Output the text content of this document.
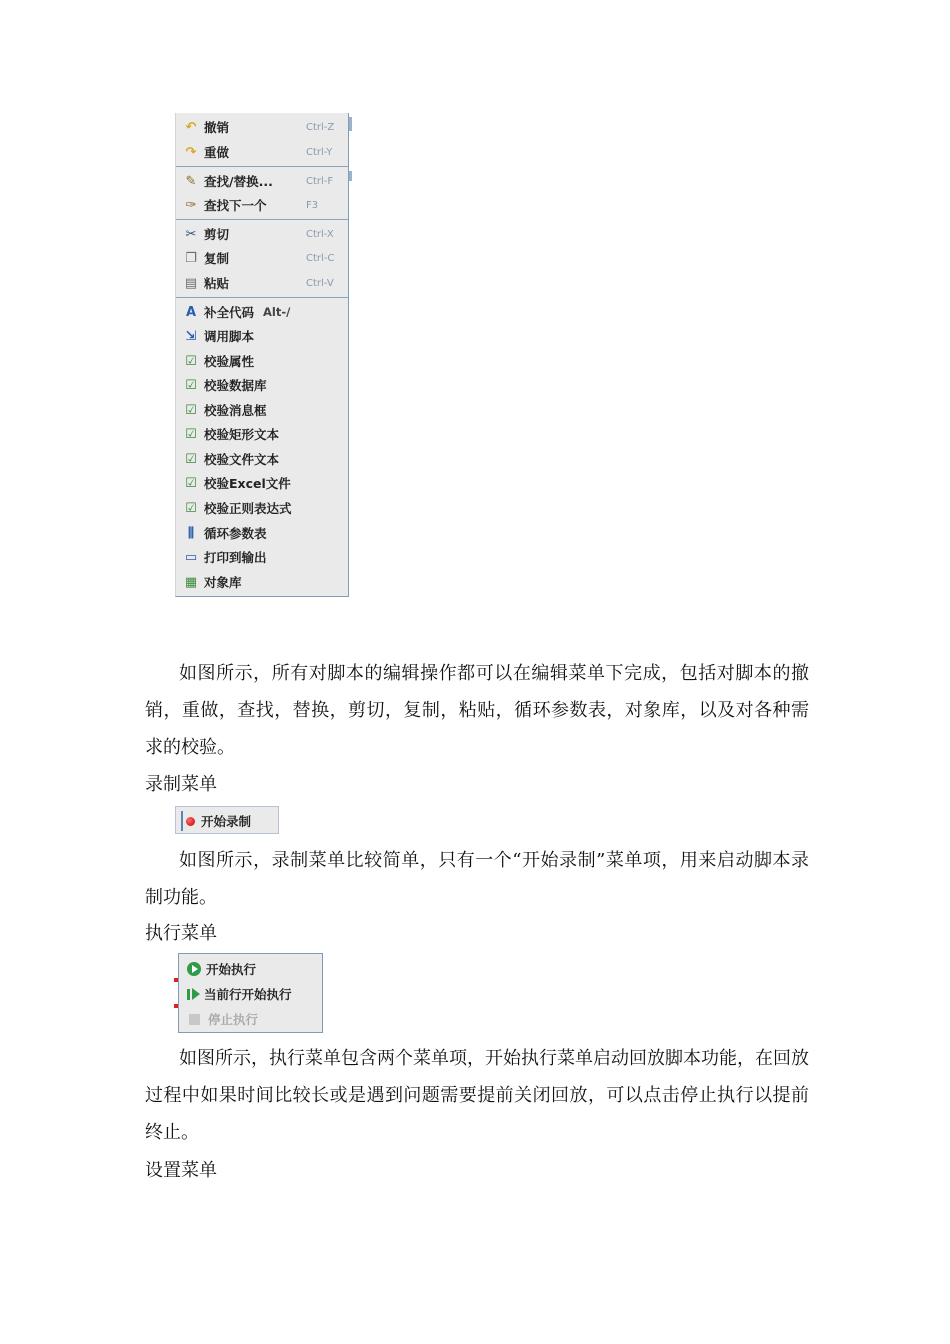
↶ 撤销	Ctrl-Z
↷ 重做	Ctrl-Y
✎ 查找/替换...	Ctrl-F
✑ 查找下一个	F3
✂ 剪切	Ctrl-X
❐ 复制	Ctrl-C
▤ 粘贴	Ctrl-V
A 补全代码 Alt-/
⇲ 调用脚本
☑ 校验属性
☑ 校验数据库
☑ 校验消息框
☑ 校验矩形文本
☑ 校验文件文本
☑ 校验Excel文件
☑ 校验正则表达式
⫼ 循环参数表
▭ 打印到输出
▦ 对象库

如图所示，所有对脚本的编辑操作都可以在编辑菜单下完成，包括对脚本的撤销，重做，查找，替换，剪切，复制，粘贴，循环参数表，对象库，以及对各种需求的校验。

录制菜单

开始录制

如图所示，录制菜单比较简单，只有一个“开始录制”菜单项，用来启动脚本录制功能。

执行菜单

开始执行
当前行开始执行
停止执行

如图所示，执行菜单包含两个菜单项，开始执行菜单启动回放脚本功能，在回放过程中如果时间比较长或是遇到问题需要提前关闭回放，可以点击停止执行以提前终止。

设置菜单
